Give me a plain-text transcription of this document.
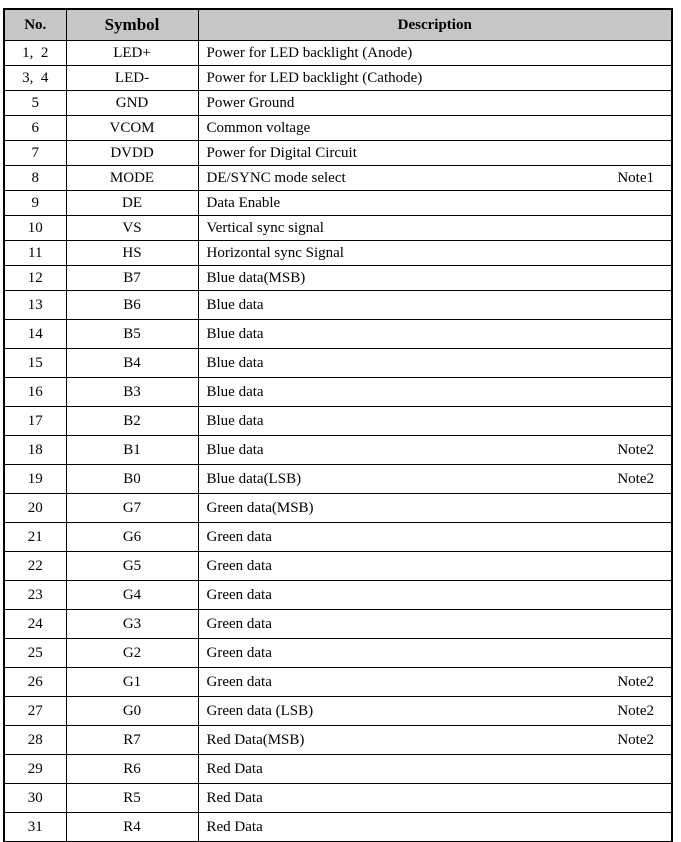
No.	Symbol	Description
1,  2	LED+	Power for LED backlight (Anode)

3,  4	LED-	Power for LED backlight (Cathode)

5	GND	Power Ground

6	VCOM	Common voltage

7	DVDD	Power for Digital Circuit

8	MODE	DE/SYNC mode select Note1

9	DE	Data Enable

10	VS	Vertical sync signal

11	HS	Horizontal sync Signal

12	B7	Blue data(MSB)

13	B6	Blue data

14	B5	Blue data

15	B4	Blue data

16	B3	Blue data

17	B2	Blue data

18	B1	Blue data Note2

19	B0	Blue data(LSB) Note2

20	G7	Green data(MSB)

21	G6	Green data

22	G5	Green data

23	G4	Green data

24	G3	Green data

25	G2	Green data

26	G1	Green data Note2

27	G0	Green data (LSB) Note2

28	R7	Red Data(MSB) Note2

29	R6	Red Data

30	R5	Red Data

31	R4	Red Data
